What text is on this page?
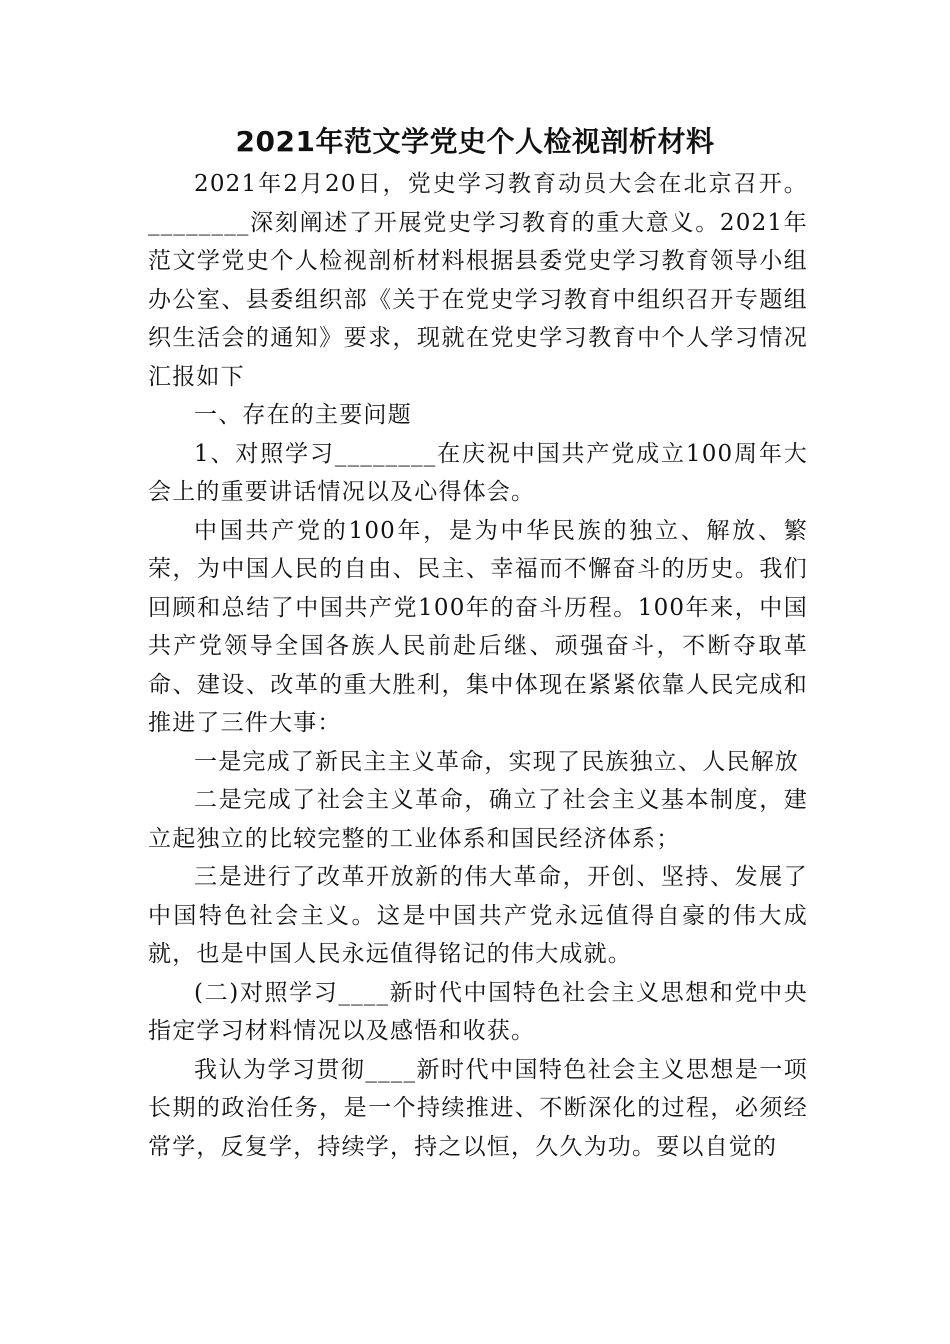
2021年范文学党史个人检视剖析材料

2021年2月20日，党史学习教育动员大会在北京召开。________深刻阐述了开展党史学习教育的重大意义。2021年范文学党史个人检视剖析材料根据县委党史学习教育领导小组办公室、县委组织部《关于在党史学习教育中组织召开专题组织生活会的通知》要求，现就在党史学习教育中个人学习情况汇报如下

一、存在的主要问题

1、对照学习________在庆祝中国共产党成立100周年大会上的重要讲话情况以及心得体会。

中国共产党的100年，是为中华民族的独立、解放、繁荣，为中国人民的自由、民主、幸福而不懈奋斗的历史。我们回顾和总结了中国共产党100年的奋斗历程。100年来，中国共产党领导全国各族人民前赴后继、顽强奋斗，不断夺取革命、建设、改革的重大胜利，集中体现在紧紧依靠人民完成和推进了三件大事：

一是完成了新民主主义革命，实现了民族独立、人民解放

二是完成了社会主义革命，确立了社会主义基本制度，建立起独立的比较完整的工业体系和国民经济体系；

三是进行了改革开放新的伟大革命，开创、坚持、发展了中国特色社会主义。这是中国共产党永远值得自豪的伟大成就，也是中国人民永远值得铭记的伟大成就。

(二)对照学习____新时代中国特色社会主义思想和党中央指定学习材料情况以及感悟和收获。

我认为学习贯彻____新时代中国特色社会主义思想是一项长期的政治任务，是一个持续推进、不断深化的过程，必须经常学，反复学，持续学，持之以恒，久久为功。要以自觉的
